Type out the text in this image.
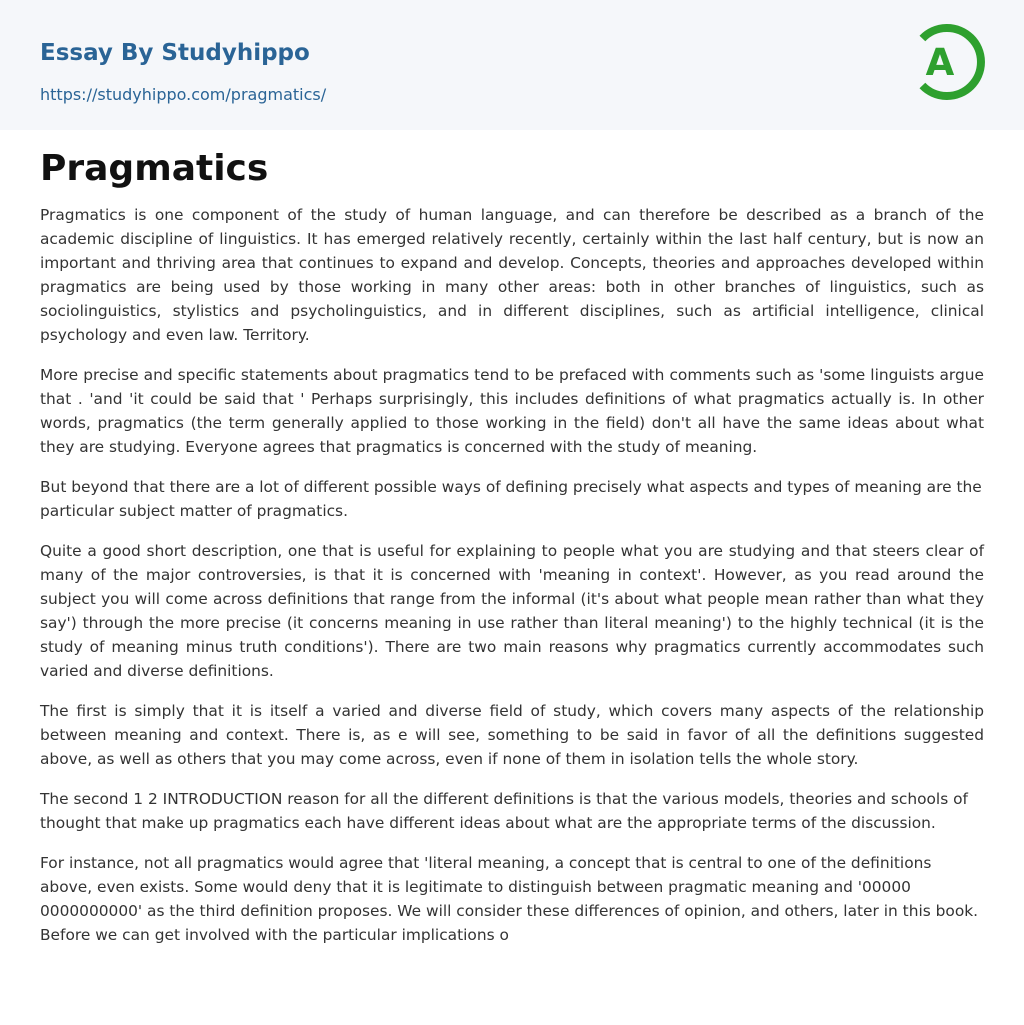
Essay By Studyhippo
https://studyhippo.com/pragmatics/
A
Pragmatics

Pragmatics is one component of the study of human language, and can therefore be described as a branch of the academic discipline of linguistics. It has emerged relatively recently, certainly within the last half century, but is now an important and thriving area that continues to expand and develop. Concepts, theories and approaches developed within pragmatics are being used by those working in many other areas: both in other branches of linguistics, such as sociolinguistics, stylistics and psycholinguistics, and in different disciplines, such as artificial intelligence, clinical psychology and even law. Territory.

More precise and specific statements about pragmatics tend to be prefaced with comments such as 'some linguists argue that . 'and 'it could be said that ' Perhaps surprisingly, this includes definitions of what pragmatics actually is. In other words, pragmatics (the term generally applied to those working in the field) don't all have the same ideas about what they are studying. Everyone agrees that pragmatics is concerned with the study of meaning.

But beyond that there are a lot of different possible ways of defining precisely what aspects and types of meaning are the particular subject matter of pragmatics.

Quite a good short description, one that is useful for explaining to people what you are studying and that steers clear of many of the major controversies, is that it is concerned with 'meaning in context'. However, as you read around the subject you will come across definitions that range from the informal (it's about what people mean rather than what they say') through the more precise (it concerns meaning in use rather than literal meaning') to the highly technical (it is the study of meaning minus truth conditions'). There are two main reasons why pragmatics currently accommodates such varied and diverse definitions.

The first is simply that it is itself a varied and diverse field of study, which covers many aspects of the relationship between meaning and context. There is, as e will see, something to be said in favor of all the definitions suggested above, as well as others that you may come across, even if none of them in isolation tells the whole story.

The second 1 2 INTRODUCTION reason for all the different definitions is that the various models, theories and schools of thought that make up pragmatics each have different ideas about what are the appropriate terms of the discussion.

For instance, not all pragmatics would agree that 'literal meaning, a concept that is central to one of the definitions above, even exists. Some would deny that it is legitimate to distinguish between pragmatic meaning and '00000 0000000000' as the third definition proposes. We will consider these differences of opinion, and others, later in this book. Before we can get involved with the particular implications o
